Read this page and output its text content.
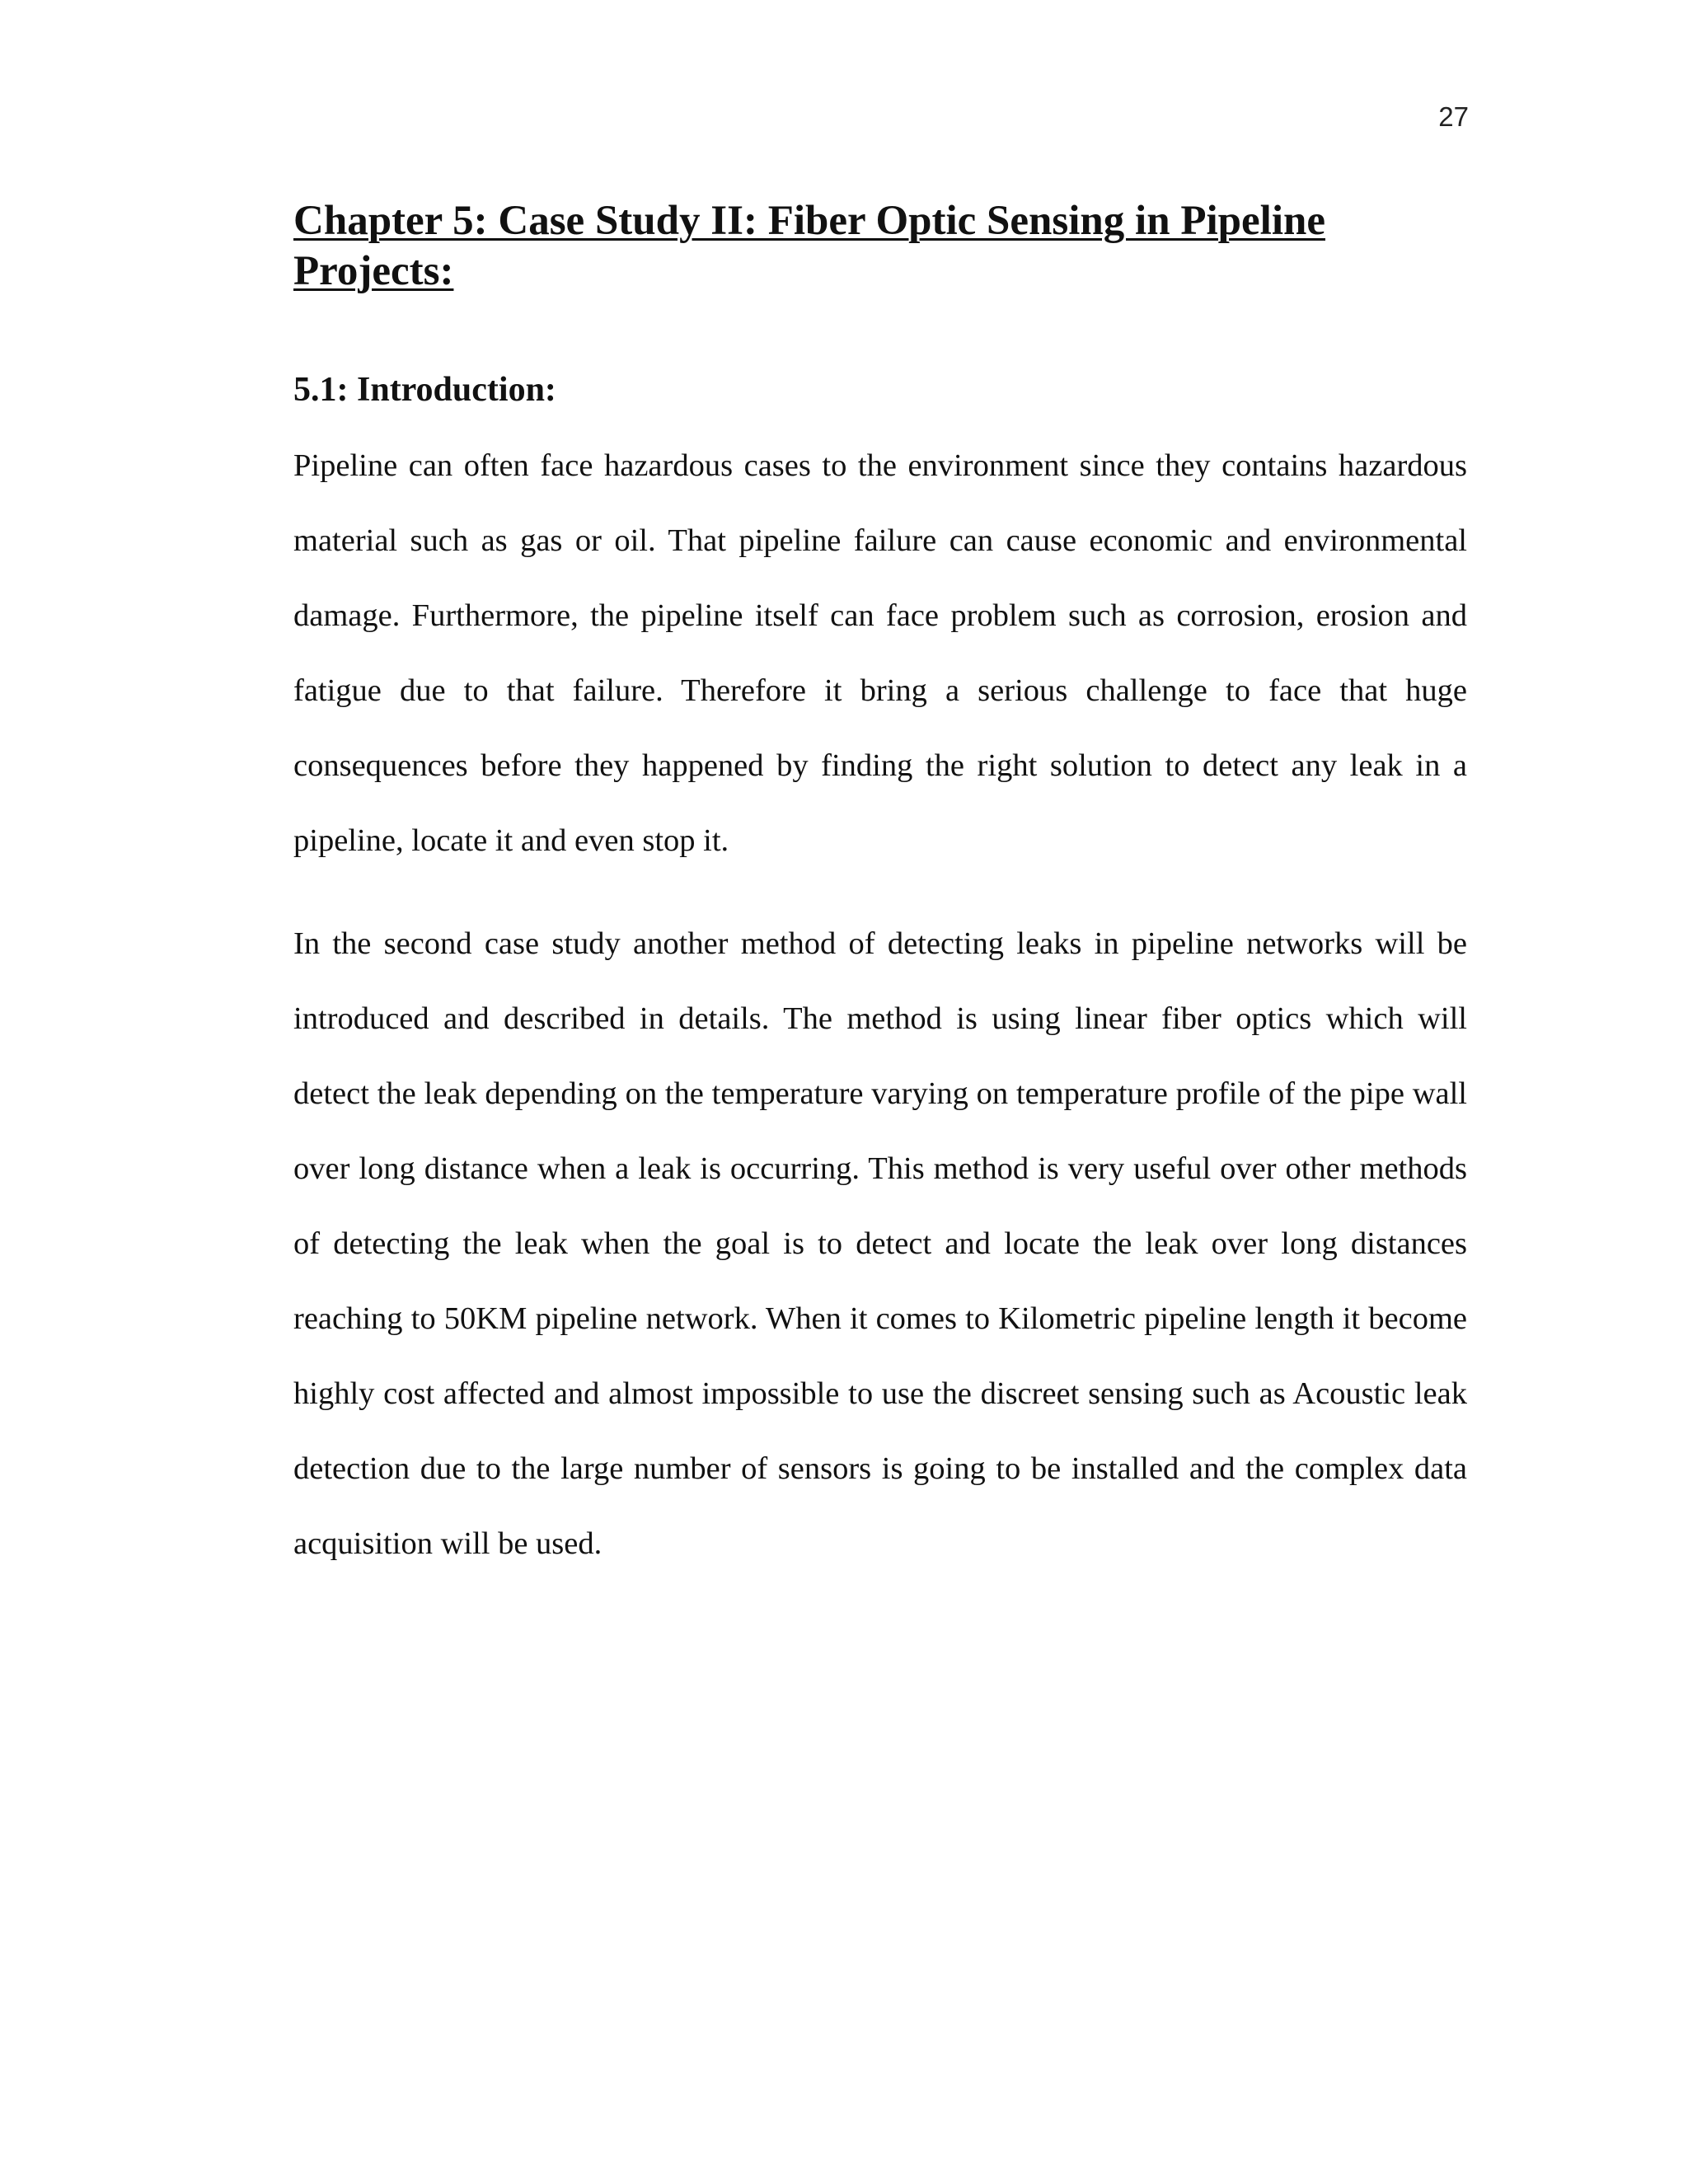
27
Chapter 5: Case Study II: Fiber Optic Sensing in Pipeline Projects:
5.1: Introduction:

Pipeline can often face hazardous cases to the environment since they contains hazardous material such as gas or oil. That pipeline failure can cause economic and environmental damage. Furthermore, the pipeline itself can face problem such as corrosion, erosion and fatigue due to that failure. Therefore it bring a serious challenge to face that huge consequences before they happened by finding the right solution to detect any leak in a pipeline, locate it and even stop it.

In the second case study another method of detecting leaks in pipeline networks will be introduced and described in details. The method is using linear fiber optics which will detect the leak depending on the temperature varying on temperature profile of the pipe wall over long distance when a leak is occurring. This method is very useful over other methods of detecting the leak when the goal is to detect and locate the leak over long distances reaching to 50KM pipeline network. When it comes to Kilometric pipeline length it become highly cost affected and almost impossible to use the discreet sensing such as Acoustic leak detection due to the large number of sensors is going to be installed and the complex data acquisition will be used.
